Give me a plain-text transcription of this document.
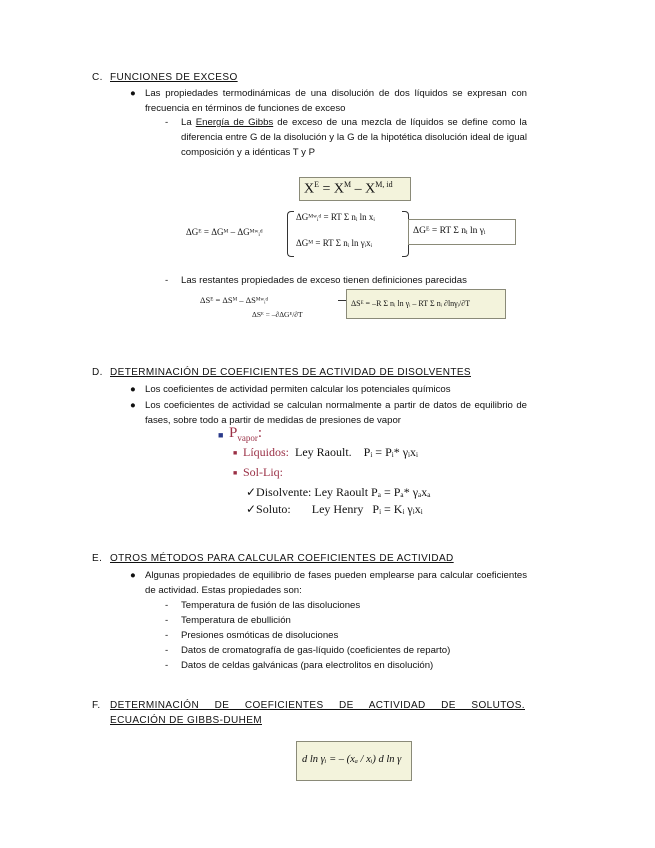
C. FUNCIONES DE EXCESO
● Las propiedades termodinámicas de una disolución de dos líquidos se expresan con frecuencia en términos de funciones de exceso
- La Energía de Gibbs de exceso de una mezcla de líquidos se define como la diferencia entre G de la disolución y la G de la hipotética disolución ideal de igual composición y a idénticas T y P
$X^E = X^M - X^{M, id}$
ΔGᴱ = ΔGᴹ – ΔGᴹʷᵢᵈ
ΔGᴹʷᵢᵈ = RT Σ nᵢ ln xᵢ
ΔGᴹ = RT Σ nᵢ ln γᵢxᵢ
ΔGᴱ = RT Σ nᵢ ln γᵢ
- Las restantes propiedades de exceso tienen definiciones parecidas
ΔSᴱ = ΔSᴹ – ΔSᴹʷᵢᵈ
ΔSᴱ = –∂ΔGᴱ/∂T
ΔSᴱ = –R Σ nᵢ ln γᵢ – RT Σ nᵢ ∂lnγᵢ/∂T
D. DETERMINACIÓN DE COEFICIENTES DE ACTIVIDAD DE DISOLVENTES
● Los coeficientes de actividad permiten calcular los potenciales químicos
● Los coeficientes de actividad se calculan normalmente a partir de datos de equilibrio de fases, sobre todo a partir de medidas de presiones de vapor
■ $P_{vapor}$:
■ Líquidos: Ley Raoult.    Pᵢ = Pᵢ* γᵢxᵢ
■ Sol-Liq:
✓Disolvente: Ley Raoult Pₐ = Pₐ* γₐxₐ
✓Soluto: Ley Henry Pᵢ = Kᵢ γᵢxᵢ
E. OTROS MÉTODOS PARA CALCULAR COEFICIENTES DE ACTIVIDAD
● Algunas propiedades de equilibrio de fases pueden emplearse para calcular coeficientes de actividad. Estas propiedades son:
- Temperatura de fusión de las disoluciones
- Temperatura de ebullición
- Presiones osmóticas de disoluciones
- Datos de cromatografía de gas-líquido (coeficientes de reparto)
- Datos de celdas galvánicas (para electrolitos en disolución)
F. DETERMINACIÓN DE COEFICIENTES DE ACTIVIDAD DE SOLUTOS.
ECUACIÓN DE GIBBS-DUHEM
d ln γᵢ = – (xₐ / xᵢ) d ln γ
